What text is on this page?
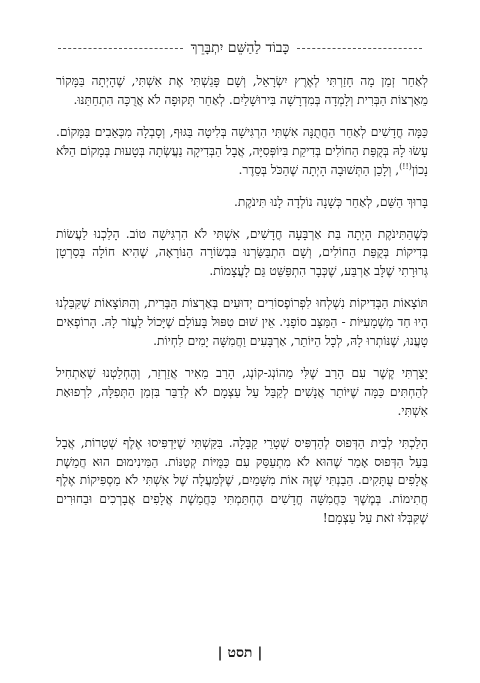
כָּבוֹד לַהַשֵּׁם יִתְבָּרֵךְ

לְאַחַר זְמַן מָה חָזַרְתִּי לְאֶרֶץ יִשְׂרָאֵל, וְשָׁם פָּגַשְׁתִּי אֶת אִשְׁתִּי, שֶׁהָיְתָה בַּמָּקוֹר מֵאַרְצוֹת הַבְּרִית וְלָמְדָה בְּמִדְרָשָׁה בִּירוּשָׁלַיִם. לְאַחַר תְּקוּפָה לֹא אֲרֻכָּה הִתְחַתַּנּוּ.

כַּמָּה חֳדָשִׁים לְאַחַר הַחֲתֻנָּה אִשְׁתִּי הִרְגִּישָׁה בְּלִיטָה בַּגּוּף, וְסָבְלָה מִכְּאֵבִים בַּמָּקוֹם. עָשׂוּ לָהּ בְּקֻפַּת הַחוֹלִים בְּדִיקַת בִּיוֹפְּסִיָּה, אֲבָל הַבְּדִיקָה נַעֲשְׂתָה בְּטָעוּת בְּמָקוֹם הַלֹּא נָכוֹן(!!), וְלָכֵן הַתְּשׁוּבָה הָיְתָה שֶׁהַכֹּל בְּסֵדֶר.

בָּרוּךְ הַשֵּׁם, לְאַחַר כְּשָׁנָה נוֹלְדָה לָנוּ תִּינֹקֶת.

כְּשֶׁהַתִּינֹקֶת הָיְתָה בַּת אַרְבָּעָה חֳדָשִׁים, אִשְׁתִּי לֹא הִרְגִּישָׁה טוֹב. הָלַכְנוּ לַעֲשׂוֹת בְּדִיקוֹת בְּקֻפַּת הַחוֹלִים, וְשָׁם הִתְבַּשַּׂרְנוּ בִּבְשׂוֹרָה הַנּוֹרָאָה, שֶׁהִיא חוֹלָה בְּסַרְטָן גְּרוּרָתִי שֶׁלָּב אַרְבַּע, שֶׁכְּבָר הִתְפַּשֵּׁט גַּם לָעֲצָמוֹת.

תּוֹצָאוֹת הַבְּדִיקוֹת נִשְׁלְחוּ לִפְרוֹפֶסוֹרִים יְדוּעִים בְּאַרְצוֹת הַבְּרִית, וְהַתּוֹצָאוֹת שֶׁקִּבַּלְנוּ הָיוּ חַד מַשְׁמָעִיּוֹת - הַמַּצָּב סוֹפָנִי. אֵין שׁוּם טִפּוּל בָּעוֹלָם שֶׁיָּכוֹל לַעֲזֹר לָהּ. הָרוֹפְאִים טָעֲנוּ, שֶׁנּוֹתְרוּ לָהּ, לְכָל הַיּוֹתֵר, אַרְבָּעִים וַחֲמִשָּׁה יָמִים לִחְיוֹת.

יָצַרְתִּי קֶשֶׁר עִם הָרַב שֶׁלִּי מֵהוֹנְג-קוֹנְג, הָרַב מֵאִיר אֲזַרְזֵר, וְהֶחְלַטְנוּ שֶׁאַתְחִיל לְהַחְתִּים כַּמָּה שֶׁיּוֹתֵר אֲנָשִׁים לְקַבֵּל עַל עַצְמָם לֹא לְדַבֵּר בִּזְמַן הַתְּפִלָּה, לִרְפוּאַת אִשְׁתִּי.

הָלַכְתִּי לְבֵית הַדְּפוּס לְהַדְפִּיס שְׁטָרֵי קַבָּלָה. בִּקַּשְׁתִּי שֶׁיַּדְפִּיסוּ אֶלֶף שְׁטָרוֹת, אֲבָל בַּעַל הַדְּפוּס אָמַר שֶׁהוּא לֹא מִתְעַסֵּק עִם כַּמֻּיּוֹת קְטַנּוֹת. הַמִּינִימוּם הוּא חֲמֵשֶׁת אֲלָפִים עֻתָּקִים. הֵבַנְתִּי שֶׁזֶּה אוֹת מִשָּׁמַיִם, שֶׁלְּמַעֲלָה שֶׁל אִשְׁתִּי לֹא מַסְפִּיקוֹת אֶלֶף חֲתִימוֹת. בְּמֶשֶׁךְ כַּחֲמִשָּׁה חֳדָשִׁים הֶחְתַּמְתִּי כַּחֲמֵשֶׁת אֲלָפִים אֲבָרְכִים וּבַחוּרִים שֶׁקִּבְּלוּ זֹאת עַל עַצְמָם!

| תסט |
